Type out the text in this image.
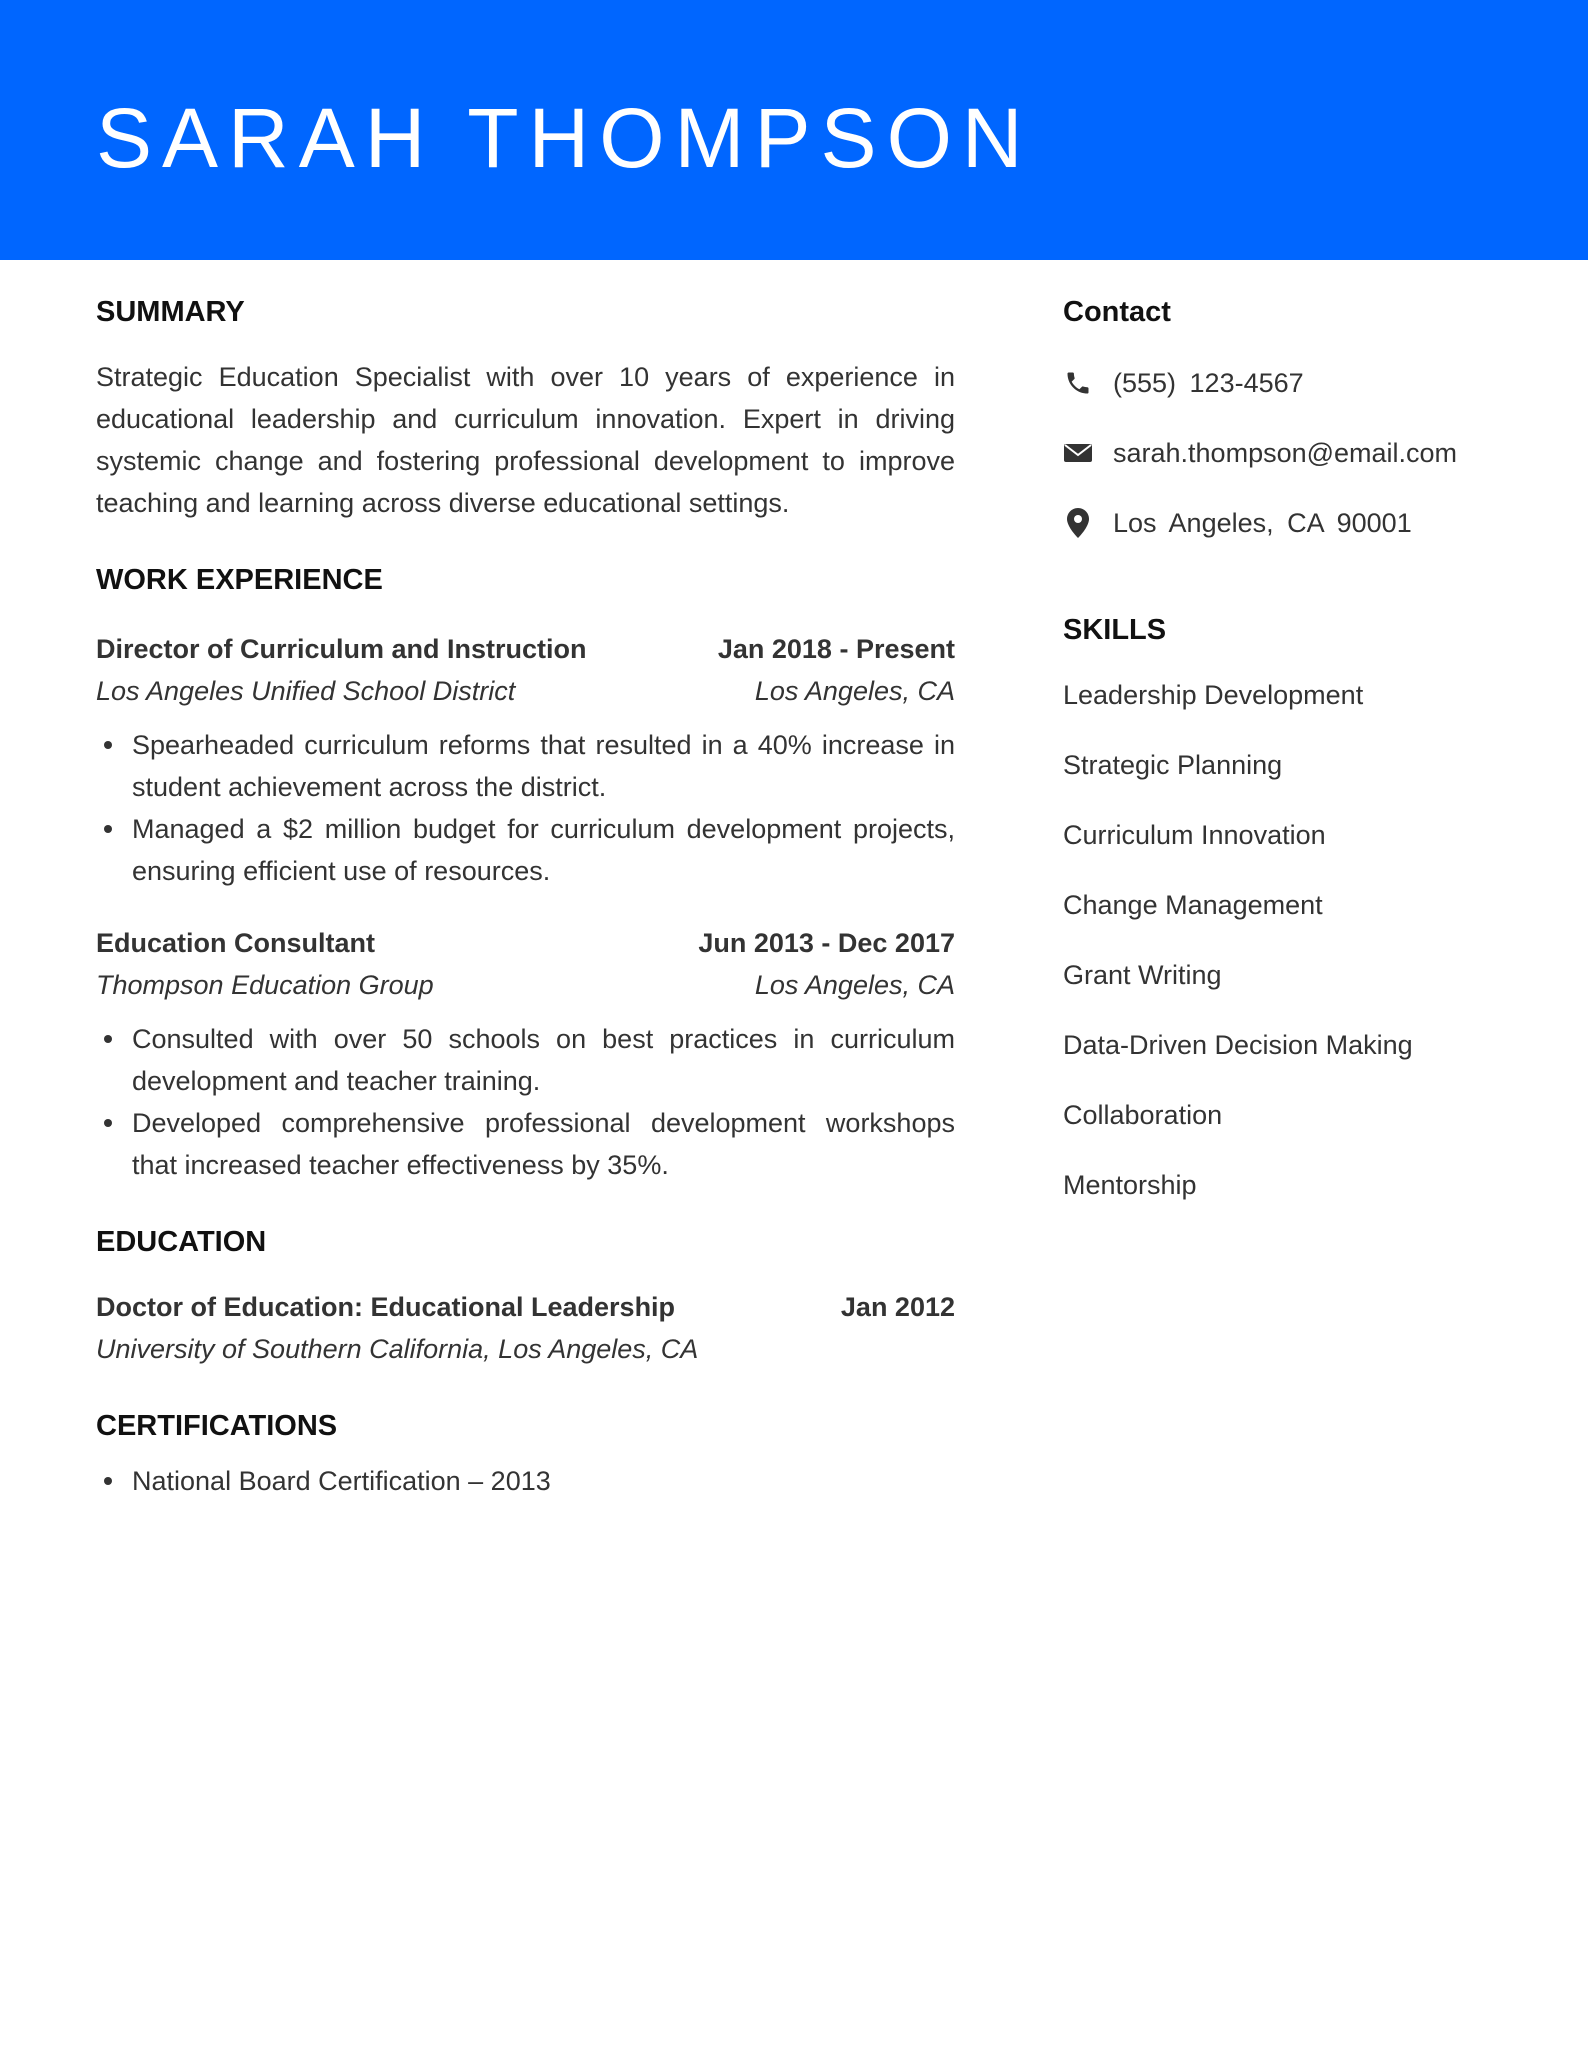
SARAH THOMPSON
SUMMARY

Strategic Education Specialist with over 10 years of experience in educational leadership and curriculum innovation. Expert in driving systemic change and fostering professional development to improve teaching and learning across diverse educational settings.

WORK EXPERIENCE
Director of Curriculum and Instruction	Jan 2018 - Present
Los Angeles Unified School District	Los Angeles, CA
Spearheaded curriculum reforms that resulted in a 40% increase in student achievement across the district.
Managed a $2 million budget for curriculum development projects, ensuring efficient use of resources.
Education Consultant	Jun 2013 - Dec 2017
Thompson Education Group	Los Angeles, CA
Consulted with over 50 schools on best practices in curriculum development and teacher training.
Developed comprehensive professional development workshops that increased teacher effectiveness by 35%.
EDUCATION
Doctor of Education: Educational Leadership	Jan 2012
University of Southern California, Los Angeles, CA
CERTIFICATIONS
National Board Certification – 2013
Contact
(555) 123-4567
sarah.thompson@email.com
Los Angeles, CA 90001
SKILLS
Leadership Development
Strategic Planning
Curriculum Innovation
Change Management
Grant Writing
Data-Driven Decision Making
Collaboration
Mentorship
